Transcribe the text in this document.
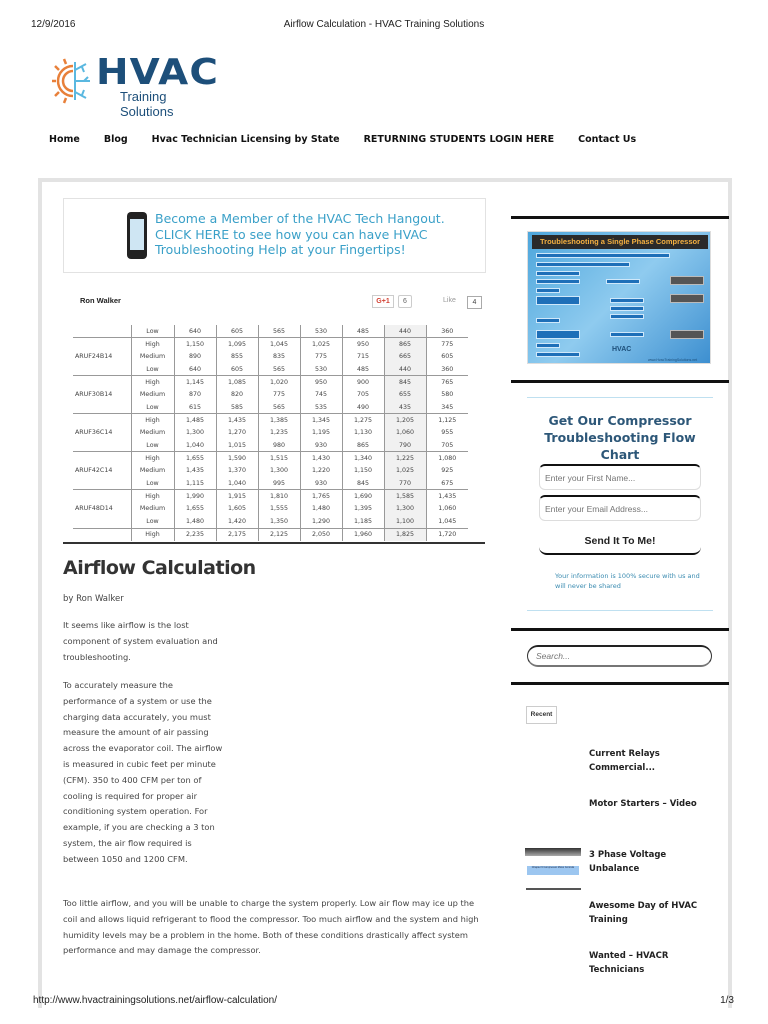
12/9/2016	Airflow Calculation - HVAC Training Solutions
HVAC
Training Solutions
Home	Blog	Hvac Technician Licensing by State	RETURNING STUDENTS LOGIN HERE	Contact Us
Become a Member of the HVAC Tech Hangout.
CLICK HERE to see how you can have HVAC
Troubleshooting Help at your Fingertips!
Ron Walker	G+1	6	Like	4
	Low	640	605	565	530	485	440	360
ARUF24B14	High	1,150	1,095	1,045	1,025	950	865	775
	Medium	890	855	835	775	715	665	605
	Low	640	605	565	530	485	440	360
ARUF30B14	High	1,145	1,085	1,020	950	900	845	765
	Medium	870	820	775	745	705	655	580
	Low	615	585	565	535	490	435	345
ARUF36C14	High	1,485	1,435	1,385	1,345	1,275	1,205	1,125
	Medium	1,300	1,270	1,235	1,195	1,130	1,060	955
	Low	1,040	1,015	980	930	865	790	705
ARUF42C14	High	1,655	1,590	1,515	1,430	1,340	1,225	1,080
	Medium	1,435	1,370	1,300	1,220	1,150	1,025	925
	Low	1,115	1,040	995	930	845	770	675
ARUF48D14	High	1,990	1,915	1,810	1,765	1,690	1,585	1,435
	Medium	1,655	1,605	1,555	1,480	1,395	1,300	1,060
	Low	1,480	1,420	1,350	1,290	1,185	1,100	1,045
	High	2,235	2,175	2,125	2,050	1,960	1,825	1,720
Airflow Calculation
by Ron Walker

It seems like airflow is the lost component of system evaluation and troubleshooting.

To accurately measure the performance of a system or use the charging data accurately, you must measure the amount of air passing across the evaporator coil. The airflow is measured in cubic feet per minute (CFM). 350 to 400 CFM per ton of cooling is required for proper air conditioning system operation. For example, if you are checking a 3 ton system, the air flow required is between 1050 and 1200 CFM.

Too little airflow, and you will be unable to charge the system properly. Low air flow may ice up the coil and allows liquid refrigerant to flood the compressor. Too much airflow and the system and high humidity levels may be a problem in the home. Both of these conditions drastically affect system performance and may damage the compressor.

Troubleshooting a Single Phase Compressor
HVAC
www.HvacTrainingSolutions.net
Get Our Compressor Troubleshooting Flow Chart
Enter your First Name...
Enter your Email Address...
Send It To Me!
Your information is 100% secure with us and will never be shared
Search...
Recent
Current Relays Commercial...
Motor Starters – Video
Chapter 6 Compressor Motor Controls
3 Phase Voltage Unbalance
Awesome Day of HVAC Training
Wanted – HVACR Technicians
http://www.hvactrainingsolutions.net/airflow-calculation/	1/3
